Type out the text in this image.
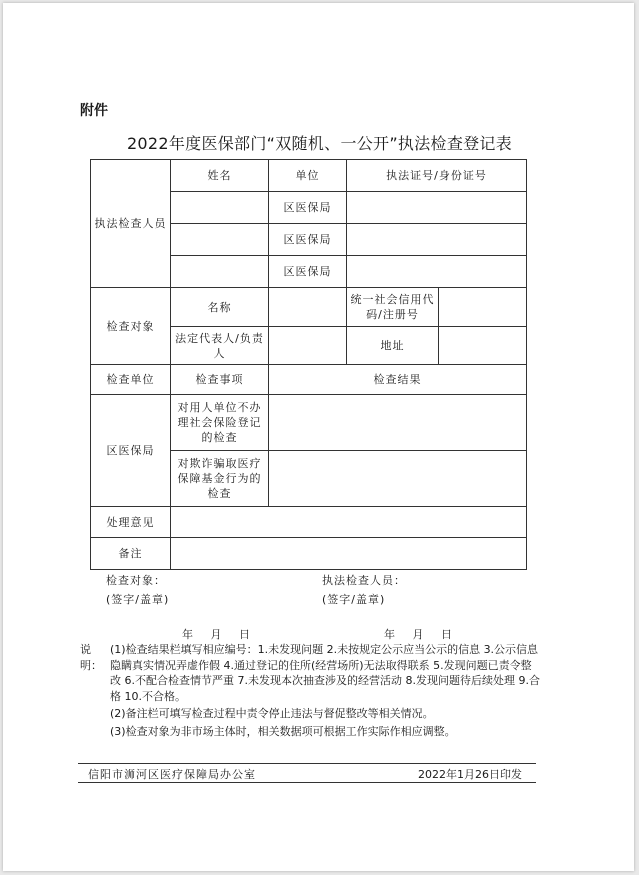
附件
2022年度医保部门“双随机、一公开”执法检查登记表
执法检查人员	姓名	单位	执法证号/身份证号	
		区医保局		
		区医保局		
		区医保局		
检查对象	名称		统一社会信用代码/注册号	
	法定代表人/负责人		地址	
检查单位	检查事项	检查结果		
区医保局	对用人单位不办理社会保险登记的检查			
	对欺诈骗取医疗保障基金行为的检查			
处理意见				
备注				
检查对象：
(签字/盖章)
执法检查人员：
(签字/盖章)
年 月 日	年 月 日
说明：
(1)检查结果栏填写相应编号：1.未发现问题 2.未按规定公示应当公示的信息 3.公示信息隐瞒真实情况弄虚作假 4.通过登记的住所(经营场所)无法取得联系 5.发现问题已责令整改 6.不配合检查情节严重 7.未发现本次抽查涉及的经营活动 8.发现问题待后续处理 9.合格 10.不合格。
(2)备注栏可填写检查过程中责令停止违法与督促整改等相关情况。
(3)检查对象为非市场主体时，相关数据项可根据工作实际作相应调整。
信阳市浉河区医疗保障局办公室	2022年1月26日印发
